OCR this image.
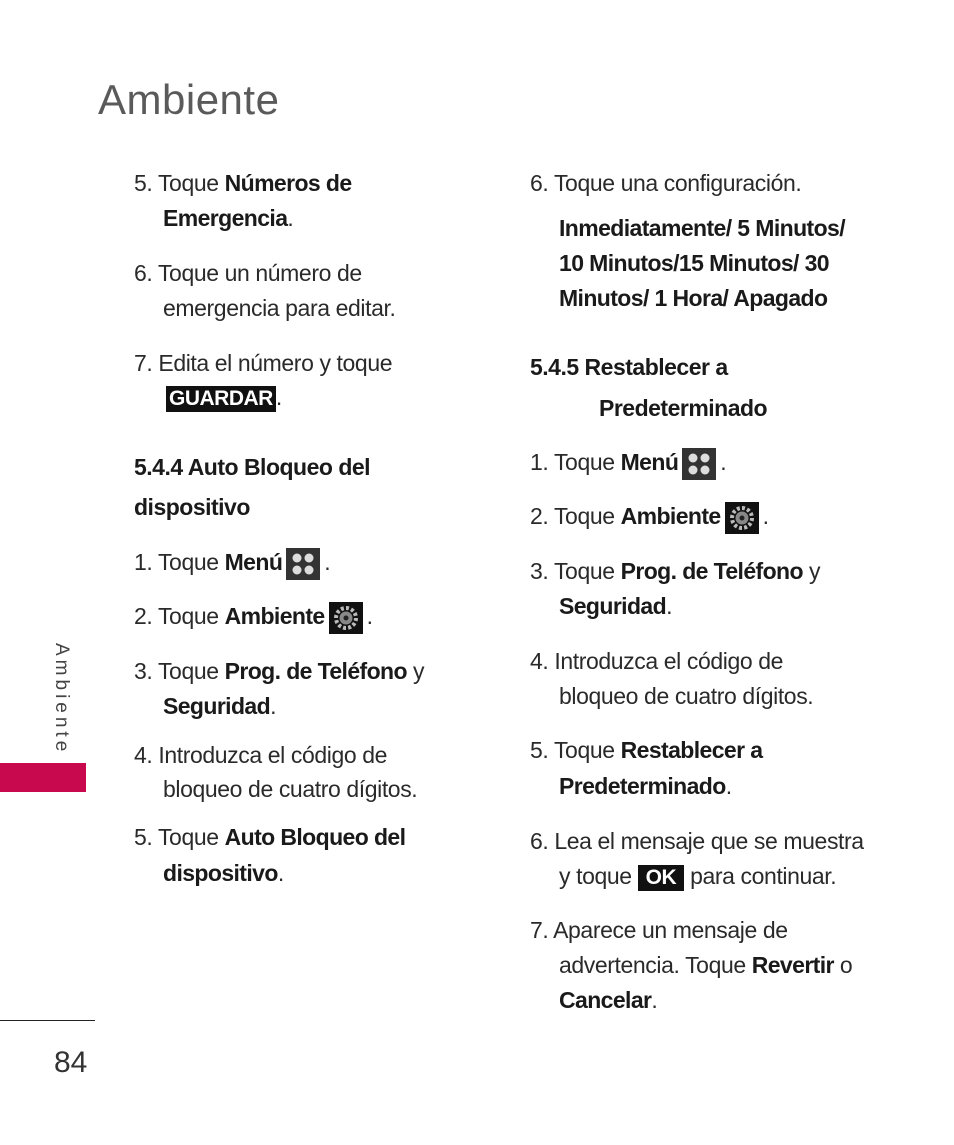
Ambiente
5. Toque Números de
Emergencia.
6. Toque un número de
emergencia para editar.
7. Edita el número y toque
GUARDAR .
5.4.4 Auto Bloqueo del
dispositivo
1. Toque Menú .
2. Toque Ambiente .
3. Toque Prog. de Teléfono y
Seguridad.
4. Introduzca el código de
bloqueo de cuatro dígitos.
5. Toque Auto Bloqueo del
dispositivo.
6. Toque una configuración.
Inmediatamente/ 5 Minutos/
10 Minutos/15 Minutos/ 30
Minutos/ 1 Hora/ Apagado
5.4.5 Restablecer a
Predeterminado
1. Toque Menú .
2. Toque Ambiente .
3. Toque Prog. de Teléfono y
Seguridad.
4. Introduzca el código de
bloqueo de cuatro dígitos.
5. Toque Restablecer a
Predeterminado.
6. Lea el mensaje que se muestra
y toque OK para continuar.
7. Aparece un mensaje de
advertencia. Toque Revertir o
Cancelar.
Ambiente
84
